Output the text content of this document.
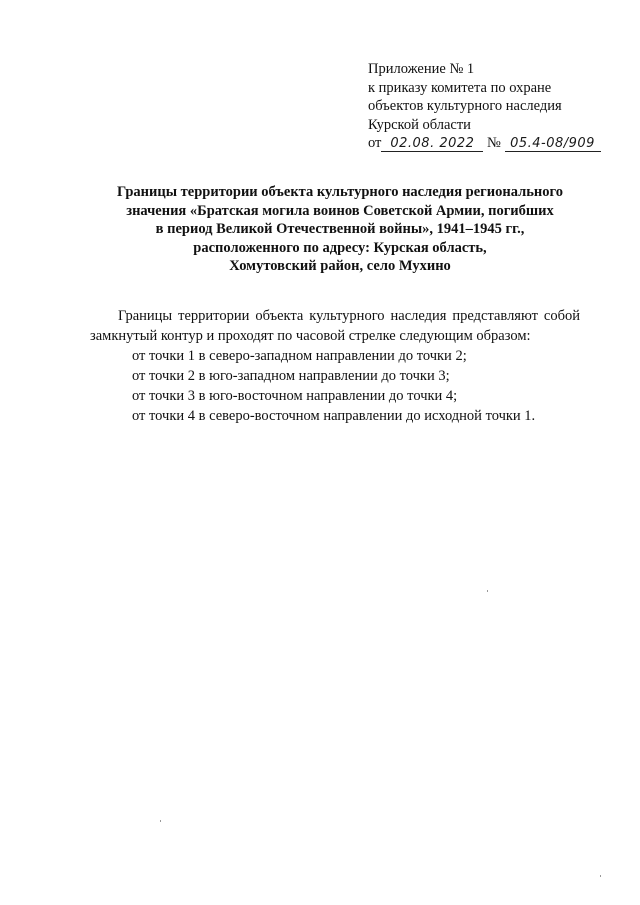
Приложение № 1
к приказу комитета по охране
объектов культурного наследия
Курской области
от 02.08. 2022 № 05.4-08/909
Границы территории объекта культурного наследия регионального
значения «Братская могила воинов Советской Армии, погибших
в период Великой Отечественной войны», 1941–1945 гг.,
расположенного по адресу: Курская область,
Хомутовский район, село Мухино

Границы территории объекта культурного наследия представляют собой замкнутый контур и проходят по часовой стрелке следующим образом:

от точки 1 в северо-западном направлении до точки 2;
от точки 2 в юго-западном направлении до точки 3;
от точки 3 в юго-восточном направлении до точки 4;
от точки 4 в северо-восточном направлении до исходной точки 1.
